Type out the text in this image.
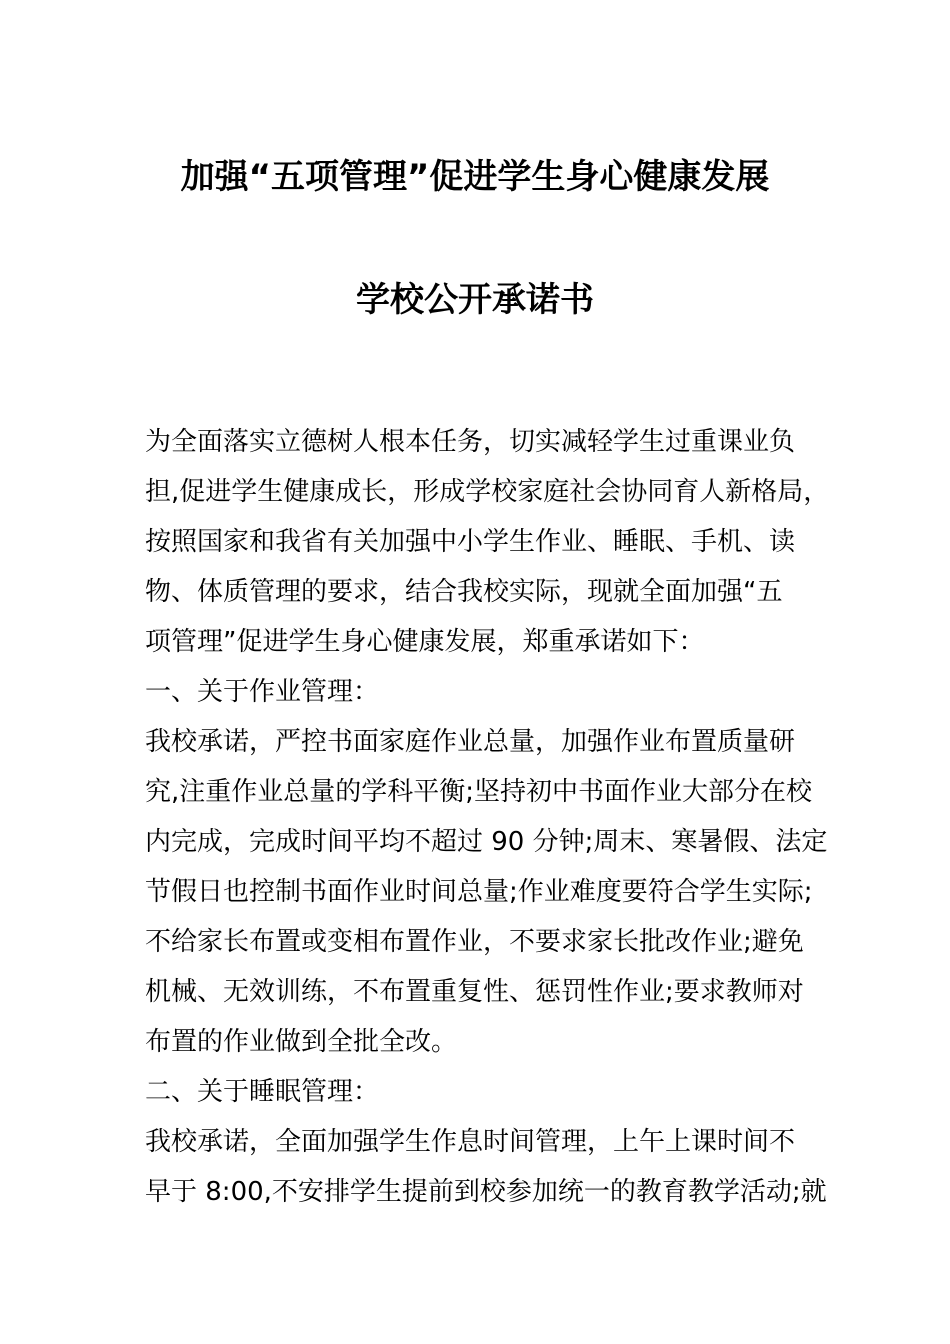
加强“五项管理”促进学生身心健康发展
学校公开承诺书
为全面落实立德树人根本任务，切实减轻学生过重课业负
担,促进学生健康成长，形成学校家庭社会协同育人新格局，
按照国家和我省有关加强中小学生作业、睡眠、手机、读
物、体质管理的要求，结合我校实际，现就全面加强“五
项管理”促进学生身心健康发展，郑重承诺如下：
一、关于作业管理：
我校承诺，严控书面家庭作业总量，加强作业布置质量研
究,注重作业总量的学科平衡;坚持初中书面作业大部分在校
内完成，完成时间平均不超过 90 分钟;周末、寒暑假、法定
节假日也控制书面作业时间总量;作业难度要符合学生实际;
不给家长布置或变相布置作业，不要求家长批改作业;避免
机械、无效训练，不布置重复性、惩罚性作业;要求教师对
布置的作业做到全批全改。
二、关于睡眠管理：
我校承诺，全面加强学生作息时间管理，上午上课时间不
早于 8:00,不安排学生提前到校参加统一的教育教学活动;就
